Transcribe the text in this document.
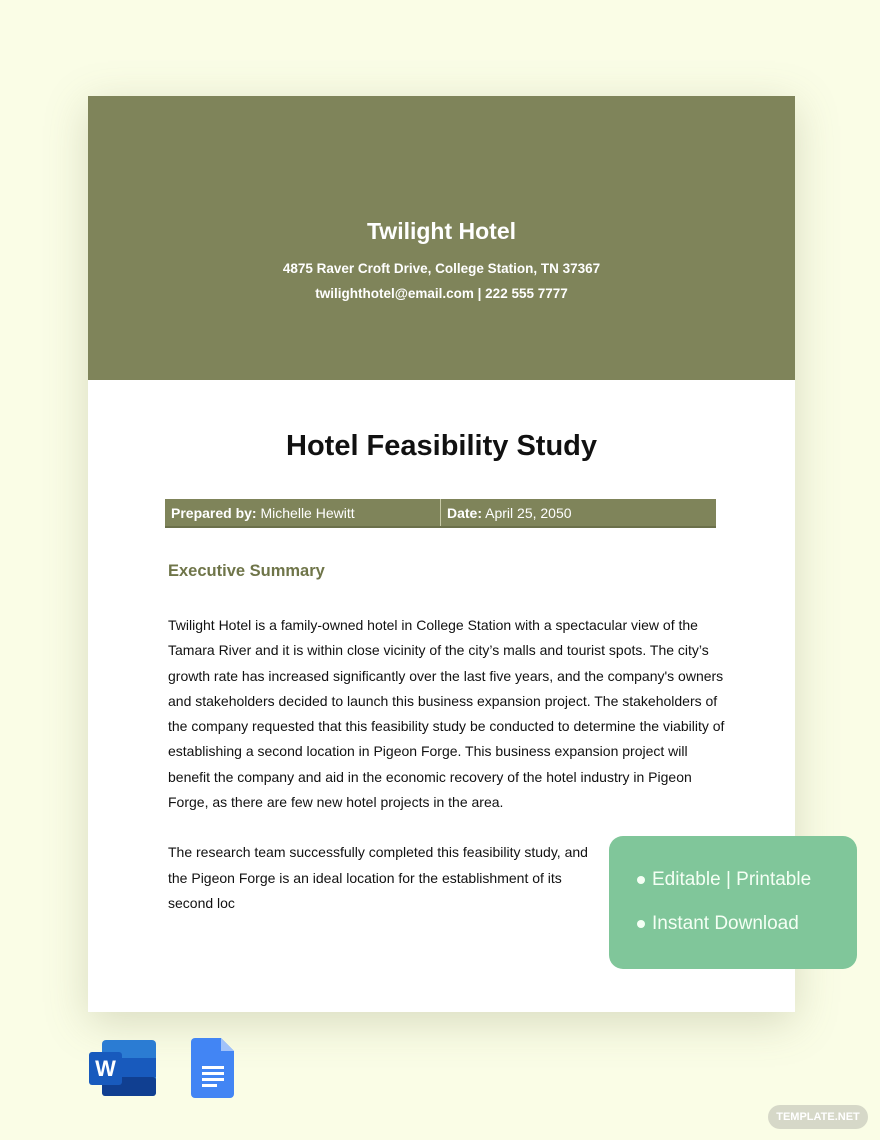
Twilight Hotel
4875 Raver Croft Drive, College Station, TN 37367
twilighthotel@email.com | 222 555 7777
Hotel Feasibility Study
Prepared by: Michelle Hewitt	Date: April 25, 2050
Executive Summary

Twilight Hotel is a family-owned hotel in College Station with a spectacular view of the Tamara River and it is within close vicinity of the city’s malls and tourist spots. The city’s growth rate has increased significantly over the last five years, and the company's owners and stakeholders decided to launch this business expansion project. The stakeholders of the company requested that this feasibility study be conducted to determine the viability of establishing a second location in Pigeon Forge. This business expansion project will benefit the company and aid in the economic recovery of the hotel industry in Pigeon Forge, as there are few new hotel projects in the area.

The research team successfully completed this feasibility study, and the Pigeon Forge is an ideal location for the establishment of its second loc

Editable | Printable
Instant Download
W
TEMPLATE.NET
